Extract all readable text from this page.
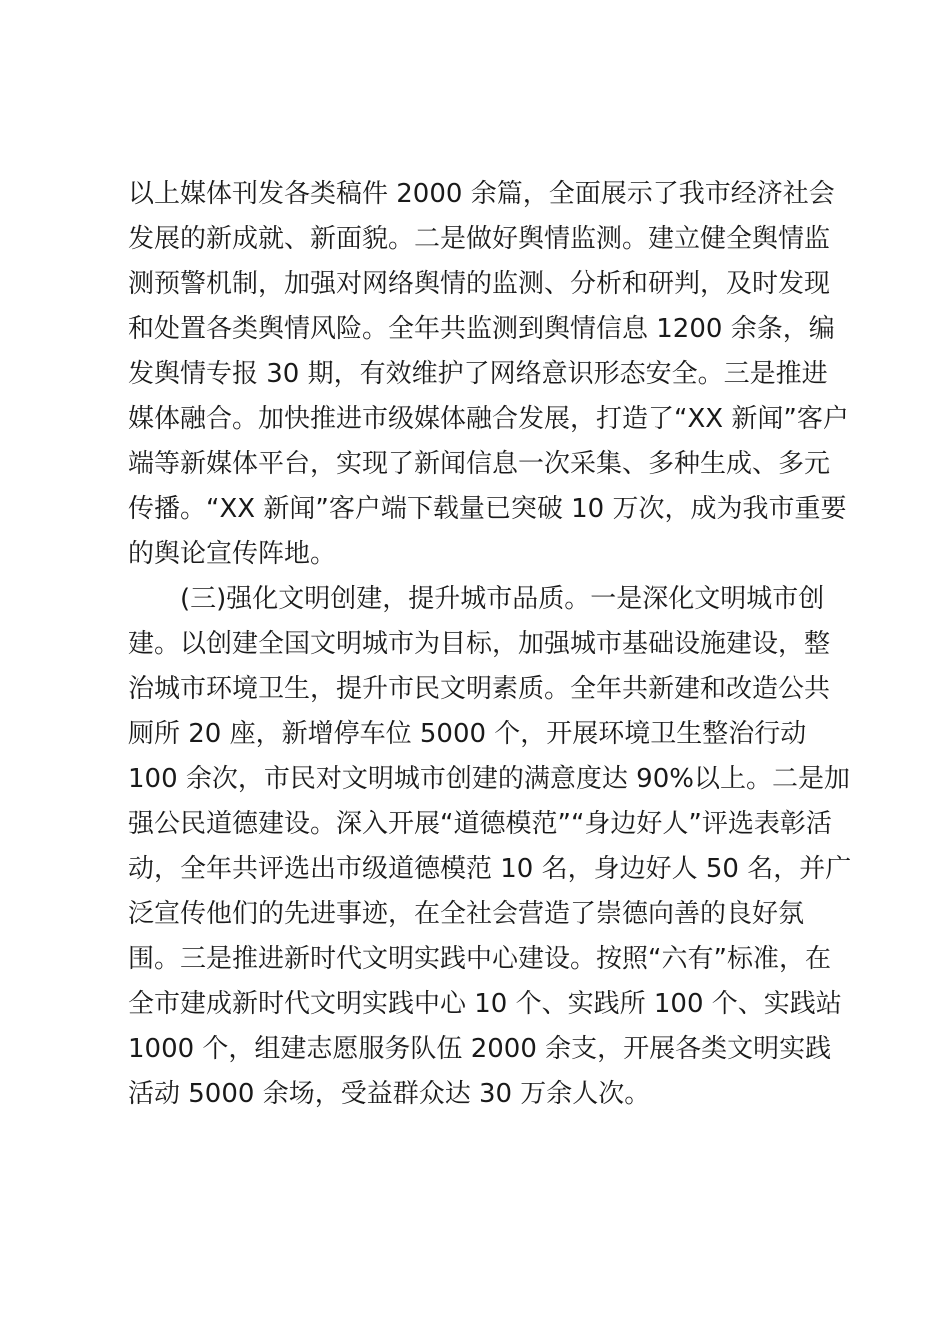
以上媒体刊发各类稿件 2000 余篇，全面展示了我市经济社会
发展的新成就、新面貌。二是做好舆情监测。建立健全舆情监
测预警机制，加强对网络舆情的监测、分析和研判，及时发现
和处置各类舆情风险。全年共监测到舆情信息 1200 余条，编
发舆情专报 30 期，有效维护了网络意识形态安全。三是推进
媒体融合。加快推进市级媒体融合发展，打造了“XX 新闻”客户
端等新媒体平台，实现了新闻信息一次采集、多种生成、多元
传播。“XX 新闻”客户端下载量已突破 10 万次，成为我市重要
的舆论宣传阵地。
(三)强化文明创建，提升城市品质。一是深化文明城市创
建。以创建全国文明城市为目标，加强城市基础设施建设，整
治城市环境卫生，提升市民文明素质。全年共新建和改造公共
厕所 20 座，新增停车位 5000 个，开展环境卫生整治行动
100 余次，市民对文明城市创建的满意度达 90%以上。二是加
强公民道德建设。深入开展“道德模范”“身边好人”评选表彰活
动，全年共评选出市级道德模范 10 名，身边好人 50 名，并广
泛宣传他们的先进事迹，在全社会营造了崇德向善的良好氛
围。三是推进新时代文明实践中心建设。按照“六有”标准，在
全市建成新时代文明实践中心 10 个、实践所 100 个、实践站
1000 个，组建志愿服务队伍 2000 余支，开展各类文明实践
活动 5000 余场，受益群众达 30 万余人次。
